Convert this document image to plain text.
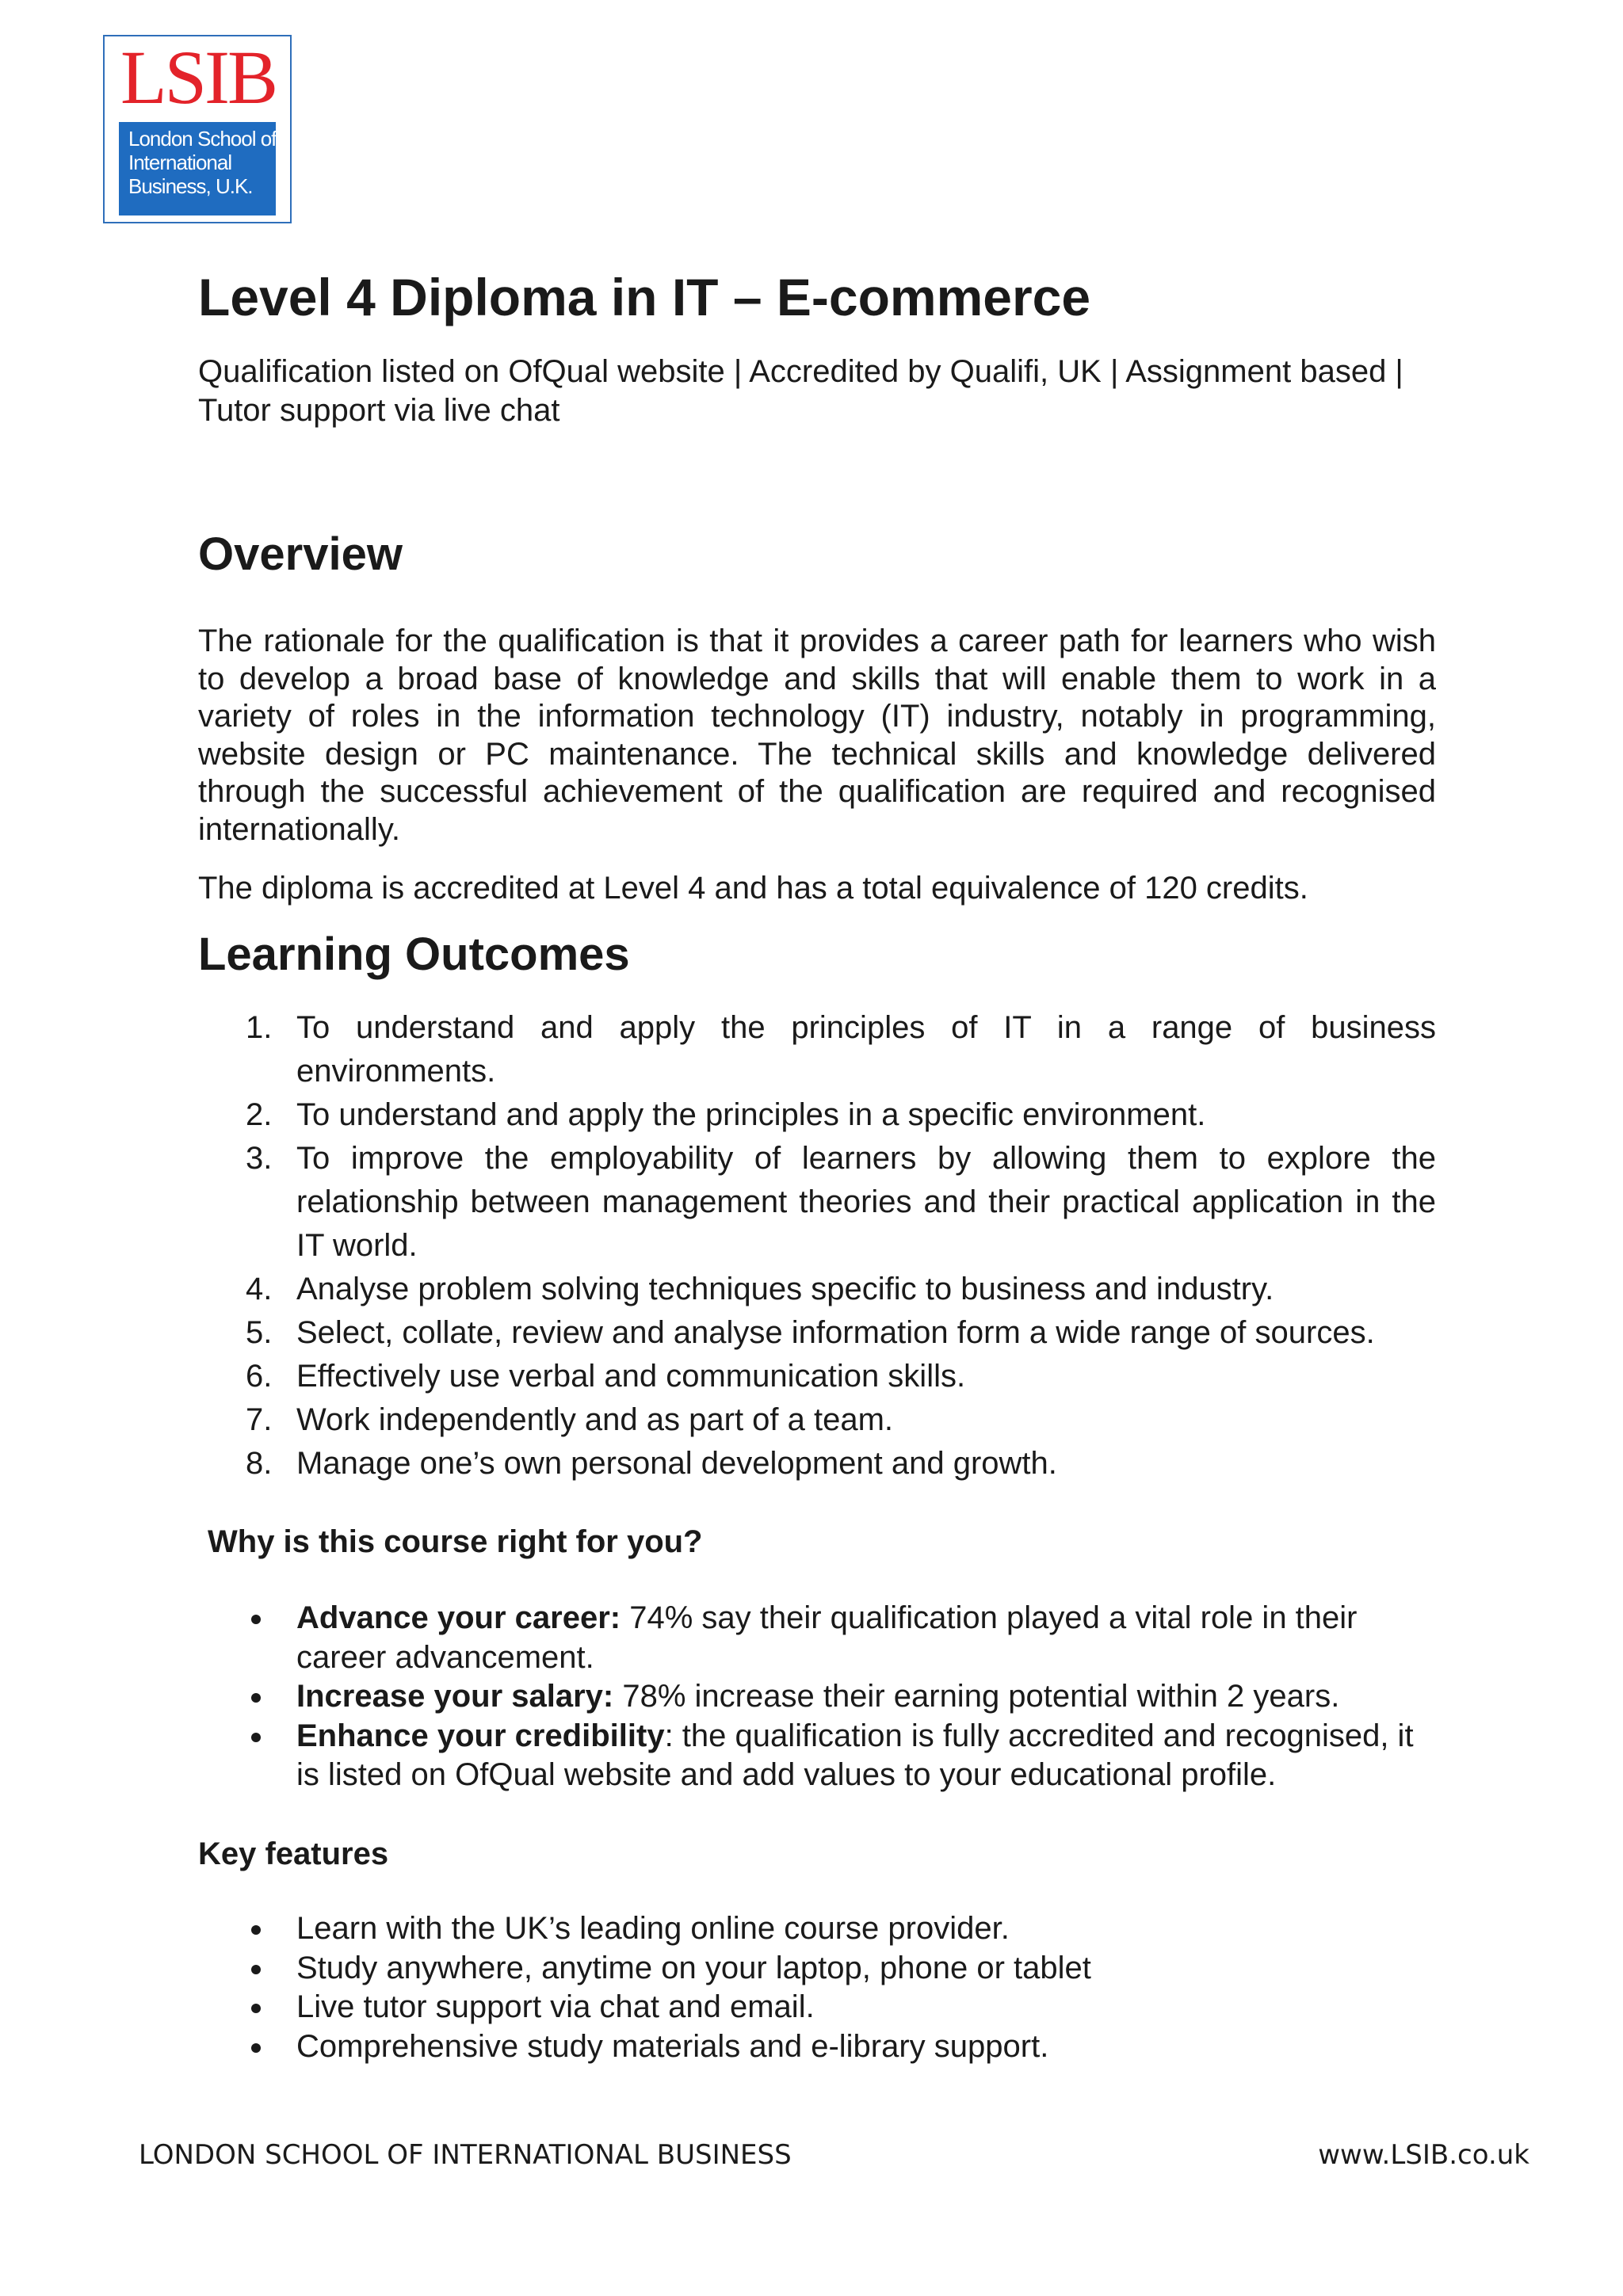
LSIB
London School of
International
Business, U.K.
Level 4 Diploma in IT – E-commerce

Qualification listed on OfQual website | Accredited by Qualifi, UK | Assignment based | Tutor support via live chat

Overview

The rationale for the qualification is that it provides a career path for learners who wish to develop a broad base of knowledge and skills that will enable them to work in a variety of roles in the information technology (IT) industry, notably in programming, website design or PC maintenance. The technical skills and knowledge delivered through the successful achievement of the qualification are required and recognised internationally.

The diploma is accredited at Level 4 and has a total equivalence of 120 credits.

Learning Outcomes
1. To understand and apply the principles of IT in a range of business environments.
2. To understand and apply the principles in a specific environment.
3. To improve the employability of learners by allowing them to explore the relationship between management theories and their practical application in the IT world.
4. Analyse problem solving techniques specific to business and industry.
5. Select, collate, review and analyse information form a wide range of sources.
6. Effectively use verbal and communication skills.
7. Work independently and as part of a team.
8. Manage one’s own personal development and growth.
Why is this course right for you?
Advance your career: 74% say their qualification played a vital role in their career advancement.
Increase your salary: 78% increase their earning potential within 2 years.
Enhance your credibility: the qualification is fully accredited and recognised, it is listed on OfQual website and add values to your educational profile.
Key features
Learn with the UK’s leading online course provider.
Study anywhere, anytime on your laptop, phone or tablet
Live tutor support via chat and email.
Comprehensive study materials and e-library support.
LONDON SCHOOL OF INTERNATIONAL BUSINESS	www.LSIB.co.uk
